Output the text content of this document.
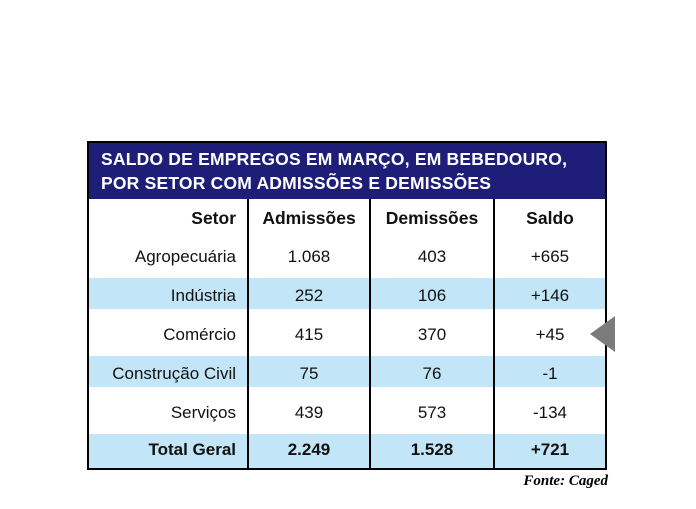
SALDO DE EMPREGOS EM MARÇO, EM BEBEDOURO,
POR SETOR COM ADMISSÕES E DEMISSÕES
Setor	Admissões	Demissões	Saldo
Agropecuária	1.068	403	+665
Indústria	252	106	+146
Comércio	415	370	+45
Construção Civil	75	76	-1
Serviços	439	573	-134
Total Geral	2.249	1.528	+721
Fonte: Caged
